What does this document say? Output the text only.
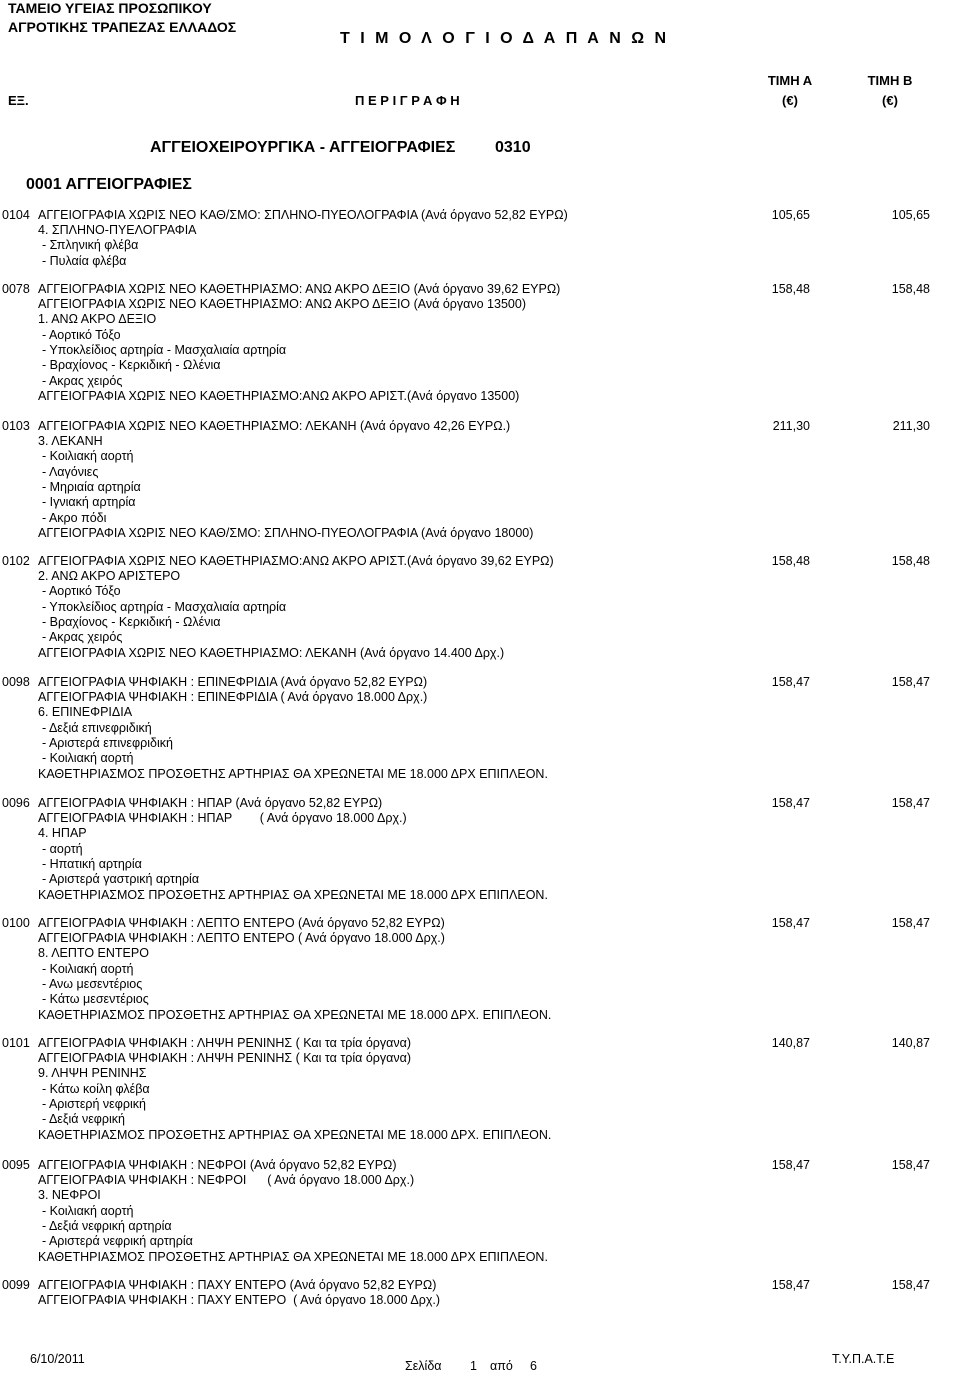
ΤΑΜΕΙΟ ΥΓΕΙΑΣ ΠΡΟΣΩΠΙΚΟΥ
ΑΓΡΟΤΙΚΗΣ ΤΡΑΠΕΖΑΣ ΕΛΛΑΔΟΣ
Τ Ι Μ Ο Λ Ο Γ Ι Ο Δ Α Π Α Ν Ω Ν
ΕΞ.	Π Ε Ρ Ι Γ Ρ Α Φ Η
ΤΙΜΗ Α
(€)
ΤΙΜΗ Β
(€)
ΑΓΓΕΙΟΧΕΙΡΟΥΡΓΙΚΑ - ΑΓΓΕΙΟΓΡΑΦΙΕΣ 0310
0001 ΑΓΓΕΙΟΓΡΑΦΙΕΣ
0104 ΑΓΓΕΙΟΓΡΑΦΙΑ ΧΩΡΙΣ ΝΕΟ ΚΑΘ/ΣΜΟ: ΣΠΛΗΝΟ-ΠΥΕΟΛΟΓΡΑΦΙΑ (Ανά όργανο 52,82 ΕΥΡΩ)	105,65	105,65
4. ΣΠΛΗΝΟ-ΠΥΕΛΟΓΡΑΦΙΑ
- Σπληνική φλέβα
- Πυλαία φλέβα
0078 ΑΓΓΕΙΟΓΡΑΦΙΑ ΧΩΡΙΣ ΝΕΟ ΚΑΘΕΤΗΡΙΑΣΜΟ: ΑΝΩ ΑΚΡΟ ΔΕΞΙΟ (Ανά όργανο 39,62 ΕΥΡΩ)	158,48	158,48
ΑΓΓΕΙΟΓΡΑΦΙΑ ΧΩΡΙΣ ΝΕΟ ΚΑΘΕΤΗΡΙΑΣΜΟ: ΑΝΩ ΑΚΡΟ ΔΕΞΙΟ (Ανά όργανο 13500)
1. ΑΝΩ ΑΚΡΟ ΔΕΞΙΟ
- Αορτικό Τόξο
- Υποκλείδιος αρτηρία - Μασχαλιαία αρτηρία
- Βραχίονος - Κερκιδική - Ωλένια
- Ακρας χειρός
ΑΓΓΕΙΟΓΡΑΦΙΑ ΧΩΡΙΣ ΝΕΟ ΚΑΘΕΤΗΡΙΑΣΜΟ:ΑΝΩ ΑΚΡΟ ΑΡΙΣΤ.(Ανά όργανο 13500)
0103 ΑΓΓΕΙΟΓΡΑΦΙΑ ΧΩΡΙΣ ΝΕΟ ΚΑΘΕΤΗΡΙΑΣΜΟ: ΛΕΚΑΝΗ (Ανά όργανο 42,26 ΕΥΡΩ.)	211,30	211,30
3. ΛΕΚΑΝΗ
- Κοιλιακή αορτή
- Λαγόνιες
- Μηριαία αρτηρία
- Ιγνιακή αρτηρία
- Ακρο πόδι
ΑΓΓΕΙΟΓΡΑΦΙΑ ΧΩΡΙΣ ΝΕΟ ΚΑΘ/ΣΜΟ: ΣΠΛΗΝΟ-ΠΥΕΟΛΟΓΡΑΦΙΑ (Ανά όργανο 18000)
0102 ΑΓΓΕΙΟΓΡΑΦΙΑ ΧΩΡΙΣ ΝΕΟ ΚΑΘΕΤΗΡΙΑΣΜΟ:ΑΝΩ ΑΚΡΟ ΑΡΙΣΤ.(Ανά όργανο 39,62 ΕΥΡΩ)	158,48	158,48
2. ΑΝΩ ΑΚΡΟ ΑΡΙΣΤΕΡΟ
- Αορτικό Τόξο
- Υποκλείδιος αρτηρία - Μασχαλιαία αρτηρία
- Βραχίονος - Κερκιδική - Ωλένια
- Ακρας χειρός
ΑΓΓΕΙΟΓΡΑΦΙΑ ΧΩΡΙΣ ΝΕΟ ΚΑΘΕΤΗΡΙΑΣΜΟ: ΛΕΚΑΝΗ (Ανά όργανο 14.400 Δρχ.)
0098 ΑΓΓΕΙΟΓΡΑΦΙΑ ΨΗΦΙΑΚΗ : ΕΠΙΝΕΦΡΙΔΙΑ (Ανά όργανο 52,82 ΕΥΡΩ)	158,47	158,47
ΑΓΓΕΙΟΓΡΑΦΙΑ ΨΗΦΙΑΚΗ : ΕΠΙΝΕΦΡΙΔΙΑ ( Ανά όργανο 18.000 Δρχ.)
6. ΕΠΙΝΕΦΡΙΔΙΑ
- Δεξιά επινεφριδική
- Αριστερά επινεφριδική
- Κοιλιακή αορτή
ΚΑΘΕΤΗΡΙΑΣΜΟΣ ΠΡΟΣΘΕΤΗΣ ΑΡΤΗΡΙΑΣ ΘΑ ΧΡΕΩΝΕΤΑΙ ΜΕ 18.000 ΔΡΧ ΕΠΙΠΛΕΟΝ.
0096 ΑΓΓΕΙΟΓΡΑΦΙΑ ΨΗΦΙΑΚΗ : ΗΠΑΡ (Ανά όργανο 52,82 ΕΥΡΩ)	158,47	158,47
ΑΓΓΕΙΟΓΡΑΦΙΑ ΨΗΦΙΑΚΗ : ΗΠΑΡ        ( Ανά όργανο 18.000 Δρχ.)
4. ΗΠΑΡ
- αορτή
- Ηπατική αρτηρία
- Αριστερά γαστρική αρτηρία
ΚΑΘΕΤΗΡΙΑΣΜΟΣ ΠΡΟΣΘΕΤΗΣ ΑΡΤΗΡΙΑΣ ΘΑ ΧΡΕΩΝΕΤΑΙ ΜΕ 18.000 ΔΡΧ ΕΠΙΠΛΕΟΝ.
0100 ΑΓΓΕΙΟΓΡΑΦΙΑ ΨΗΦΙΑΚΗ : ΛΕΠΤΟ ΕΝΤΕΡΟ (Ανά όργανο 52,82 ΕΥΡΩ)	158,47	158,47
ΑΓΓΕΙΟΓΡΑΦΙΑ ΨΗΦΙΑΚΗ : ΛΕΠΤΟ ΕΝΤΕΡΟ ( Ανά όργανο 18.000 Δρχ.)
8. ΛΕΠΤΟ ΕΝΤΕΡΟ
- Κοιλιακή αορτή
- Ανω μεσεντέριος
- Κάτω μεσεντέριος
ΚΑΘΕΤΗΡΙΑΣΜΟΣ ΠΡΟΣΘΕΤΗΣ ΑΡΤΗΡΙΑΣ ΘΑ ΧΡΕΩΝΕΤΑΙ ΜΕ 18.000 ΔΡΧ. ΕΠΙΠΛΕΟΝ.
0101 ΑΓΓΕΙΟΓΡΑΦΙΑ ΨΗΦΙΑΚΗ : ΛΗΨΗ ΡΕΝΙΝΗΣ ( Και τα τρία όργανα)	140,87	140,87
ΑΓΓΕΙΟΓΡΑΦΙΑ ΨΗΦΙΑΚΗ : ΛΗΨΗ ΡΕΝΙΝΗΣ ( Και τα τρία όργανα)
9. ΛΗΨΗ ΡΕΝΙΝΗΣ
- Κάτω κοίλη φλέβα
- Αριστερή νεφρική
- Δεξιά νεφρική
ΚΑΘΕΤΗΡΙΑΣΜΟΣ ΠΡΟΣΘΕΤΗΣ ΑΡΤΗΡΙΑΣ ΘΑ ΧΡΕΩΝΕΤΑΙ ΜΕ 18.000 ΔΡΧ. ΕΠΙΠΛΕΟΝ.
0095 ΑΓΓΕΙΟΓΡΑΦΙΑ ΨΗΦΙΑΚΗ : ΝΕΦΡΟΙ (Ανά όργανο 52,82 ΕΥΡΩ)	158,47	158,47
ΑΓΓΕΙΟΓΡΑΦΙΑ ΨΗΦΙΑΚΗ : ΝΕΦΡΟΙ      ( Ανά όργανο 18.000 Δρχ.)
3. ΝΕΦΡΟΙ
- Κοιλιακή αορτή
- Δεξιά νεφρική αρτηρία
- Αριστερά νεφρική αρτηρία
ΚΑΘΕΤΗΡΙΑΣΜΟΣ ΠΡΟΣΘΕΤΗΣ ΑΡΤΗΡΙΑΣ ΘΑ ΧΡΕΩΝΕΤΑΙ ΜΕ 18.000 ΔΡΧ ΕΠΙΠΛΕΟΝ.
0099 ΑΓΓΕΙΟΓΡΑΦΙΑ ΨΗΦΙΑΚΗ : ΠΑΧΥ ΕΝΤΕΡΟ (Ανά όργανο 52,82 ΕΥΡΩ)	158,47	158,47
ΑΓΓΕΙΟΓΡΑΦΙΑ ΨΗΦΙΑΚΗ : ΠΑΧΥ ΕΝΤΕΡΟ  ( Ανά όργανο 18.000 Δρχ.)
6/10/2011	Σελίδα 1 από 6	Τ.Υ.Π.Α.Τ.Ε
